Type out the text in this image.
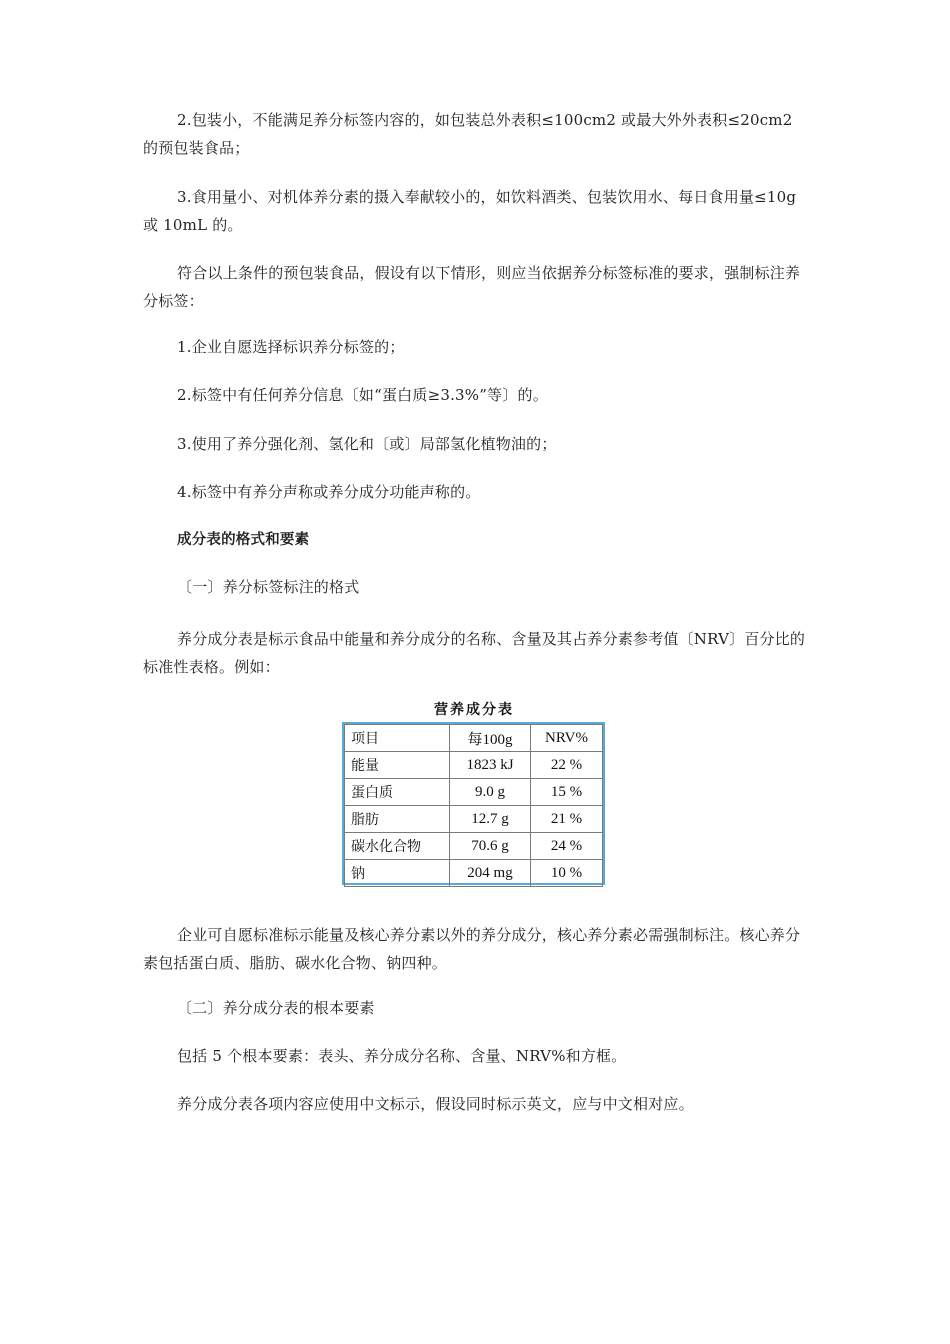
2.包装小，不能满足养分标签内容的，如包装总外表积≤100cm2 或最大外外表积≤20cm2 的预包装食品；

3.食用量小、对机体养分素的摄入奉献较小的，如饮料酒类、包装饮用水、每日食用量≤10g 或 10mL 的。

符合以上条件的预包装食品，假设有以下情形，则应当依据养分标签标准的要求，强制标注养分标签：

1.企业自愿选择标识养分标签的；

2.标签中有任何养分信息〔如“蛋白质≥3.3%”等〕的。

3.使用了养分强化剂、氢化和〔或〕局部氢化植物油的；

4.标签中有养分声称或养分成分功能声称的。

成分表的格式和要素

〔一〕养分标签标注的格式

养分成分表是标示食品中能量和养分成分的名称、含量及其占养分素参考值〔NRV〕百分比的标准性表格。例如：

营养成分表
项目	每100g	NRV%
能量	1823 kJ	22 %
蛋白质	9.0 g	15 %
脂肪	12.7 g	21 %
碳水化合物	70.6 g	24 %
钠	204 mg	10 %

企业可自愿标准标示能量及核心养分素以外的养分成分，核心养分素必需强制标注。核心养分素包括蛋白质、脂肪、碳水化合物、钠四种。

〔二〕养分成分表的根本要素

包括 5 个根本要素：表头、养分成分名称、含量、NRV%和方框。

养分成分表各项内容应使用中文标示，假设同时标示英文，应与中文相对应。
